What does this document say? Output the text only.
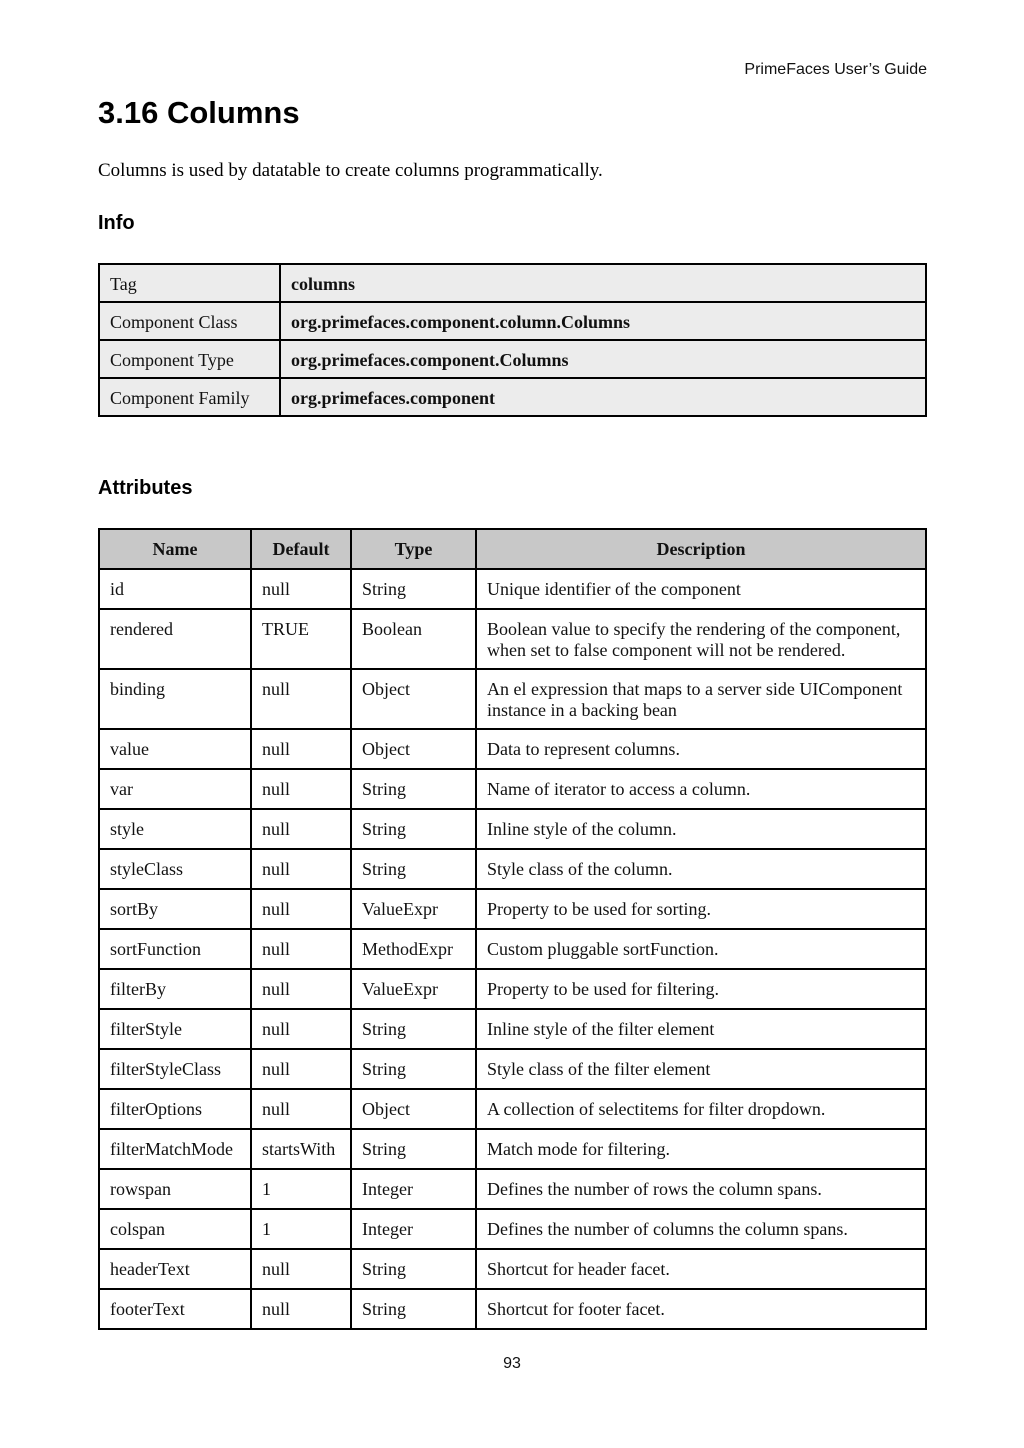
PrimeFaces User’s Guide
3.16 Columns

Columns is used by datatable to create columns programmatically.

Info
Tag	columns
Component Class	org.primefaces.component.column.Columns
Component Type	org.primefaces.component.Columns
Component Family	org.primefaces.component
Attributes
Name	Default	Type	Description
id	null	String	Unique identifier of the component
rendered	TRUE	Boolean	Boolean value to specify the rendering of the component, when set to false component will not be rendered.
binding	null	Object	An el expression that maps to a server side UIComponent instance in a backing bean
value	null	Object	Data to represent columns.
var	null	String	Name of iterator to access a column.
style	null	String	Inline style of the column.
styleClass	null	String	Style class of the column.
sortBy	null	ValueExpr	Property to be used for sorting.
sortFunction	null	MethodExpr	Custom pluggable sortFunction.
filterBy	null	ValueExpr	Property to be used for filtering.
filterStyle	null	String	Inline style of the filter element
filterStyleClass	null	String	Style class of the filter element
filterOptions	null	Object	A collection of selectitems for filter dropdown.
filterMatchMode	startsWith	String	Match mode for filtering.
rowspan	1	Integer	Defines the number of rows the column spans.
colspan	1	Integer	Defines the number of columns the column spans.
headerText	null	String	Shortcut for header facet.
footerText	null	String	Shortcut for footer facet.
93
